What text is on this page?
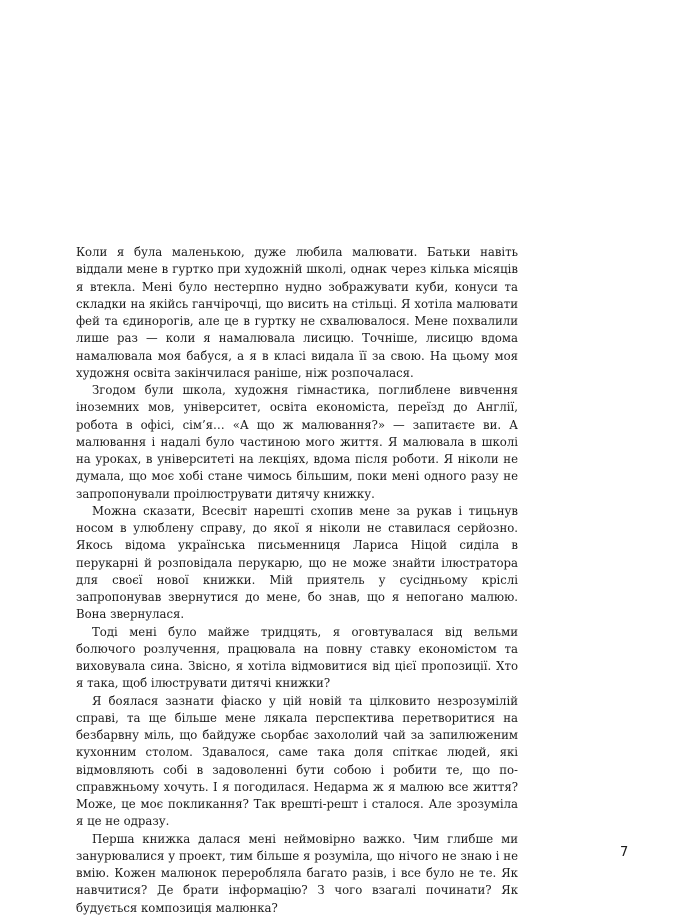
Коли я була маленькою, дуже любила малювати. Батьки навіть віддали мене в гуртко при художній школі, однак через кілька місяців я втекла. Мені було нестерпно нудно зображувати куби, конуси та складки на якійсь ганчірочці, що висить на стільці. Я хотіла малювати фей та єдинорогів, але це в гуртку не схвалювалося. Мене похвалили лише раз — коли я намалювала лисицю. Точніше, лисицю вдома намалювала моя бабуся, а я в класі видала її за свою. На цьому моя художня освіта закінчилася раніше, ніж розпочалася.

Згодом були школа, художня гімнастика, поглиблене вивчення іноземних мов, університет, освіта економіста, переїзд до Англії, робота в офісі, сім’я… «А що ж малювання?» — запитаєте ви. А малювання і надалі було частиною мого життя. Я малювала в школі на уроках, в університеті на лекціях, вдома після роботи. Я ніколи не думала, що моє хобі стане чимось більшим, поки мені одного разу не запропонували проілюструвати дитячу книжку.

Можна сказати, Всесвіт нарешті схопив мене за рукав і тицьнув носом в улюблену справу, до якої я ніколи не ставилася серйозно. Якось відома українська письменниця Лариса Ніцой сиділа в перукарні й розповідала перукарю, що не може знайти ілюстратора для своєї нової книжки. Мій приятель у сусідньому кріслі запропонував звернутися до мене, бо знав, що я непогано малюю. Вона звернулася.

Тоді мені було майже тридцять, я оговтувалася від вельми болючого розлучення, працювала на повну ставку економістом та виховувала сина. Звісно, я хотіла відмовитися від цієї пропозиції. Хто я така, щоб ілюструвати дитячі книжки?

Я боялася зазнати фіаско у цій новій та цілковито незрозумілій справі, та ще більше мене лякала перспектива перетворитися на безбарвну міль, що байдуже сьорбає захололий чай за запилюженим кухонним столом. Здавалося, саме така доля спіткає людей, які відмовляють собі в задоволенні бути собою і робити те, що по-справжньому хочуть. І я погодилася. Недарма ж я малюю все життя? Може, це моє покликання? Так врешті-решт і сталося. Але зрозуміла я це не одразу.

Перша книжка далася мені неймовірно важко. Чим глибше ми занурювалися у проект, тим більше я розуміла, що нічого не знаю і не вмію. Кожен малюнок переробляла багато разів, і все було не те. Як навчитися? Де брати інформацію? З чого взагалі починати? Як будується композиція малюнка?

7
